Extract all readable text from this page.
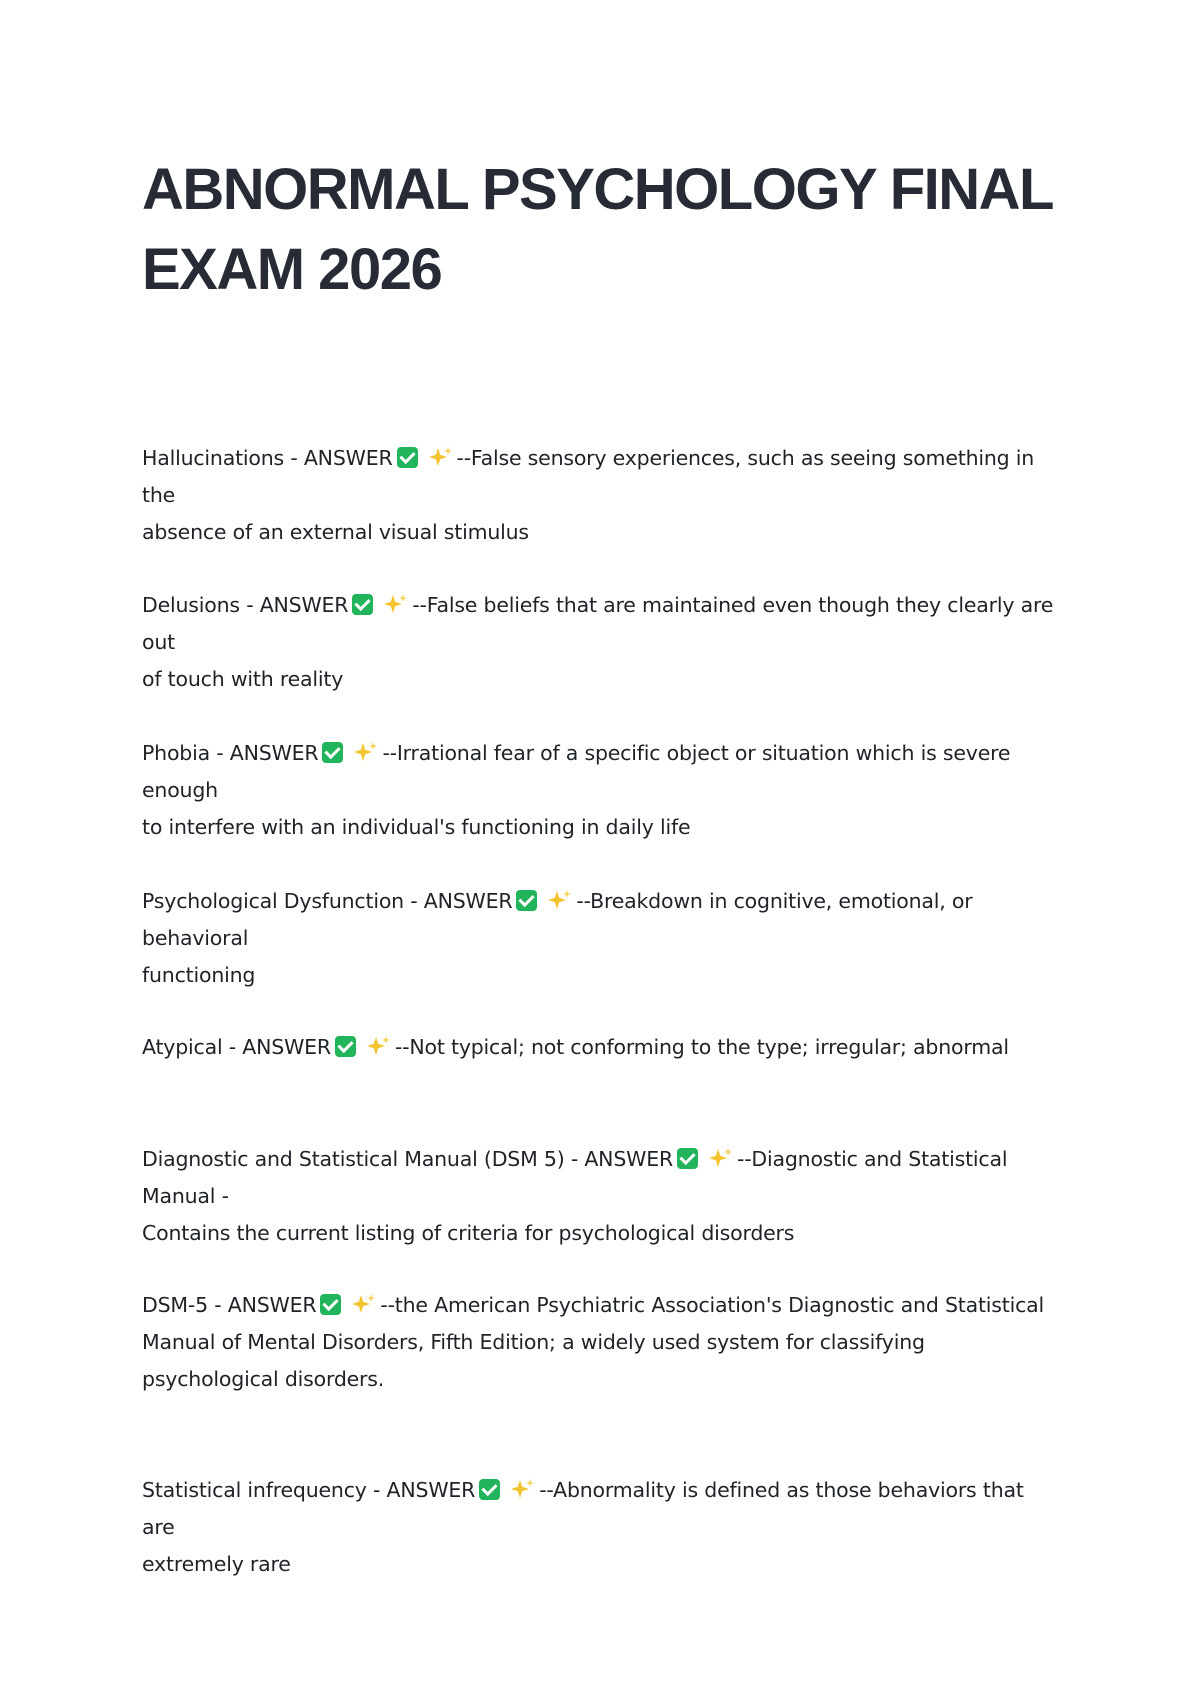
ABNORMAL PSYCHOLOGY FINAL
EXAM 2026
Hallucinations - ANSWER	--False sensory experiences, such as seeing something in the
absence of an external visual stimulus
Delusions - ANSWER	--False beliefs that are maintained even though they clearly are out
of touch with reality
Phobia - ANSWER	--Irrational fear of a specific object or situation which is severe enough
to interfere with an individual's functioning in daily life
Psychological Dysfunction - ANSWER	--Breakdown in cognitive, emotional, or behavioral
functioning
Atypical - ANSWER	--Not typical; not conforming to the type; irregular; abnormal
Diagnostic and Statistical Manual (DSM 5) - ANSWER	--Diagnostic and Statistical Manual -
Contains the current listing of criteria for psychological disorders
DSM-5 - ANSWER	--the American Psychiatric Association's Diagnostic and Statistical
Manual of Mental Disorders, Fifth Edition; a widely used system for classifying psychological disorders.
Statistical infrequency - ANSWER	--Abnormality is defined as those behaviors that are
extremely rare
